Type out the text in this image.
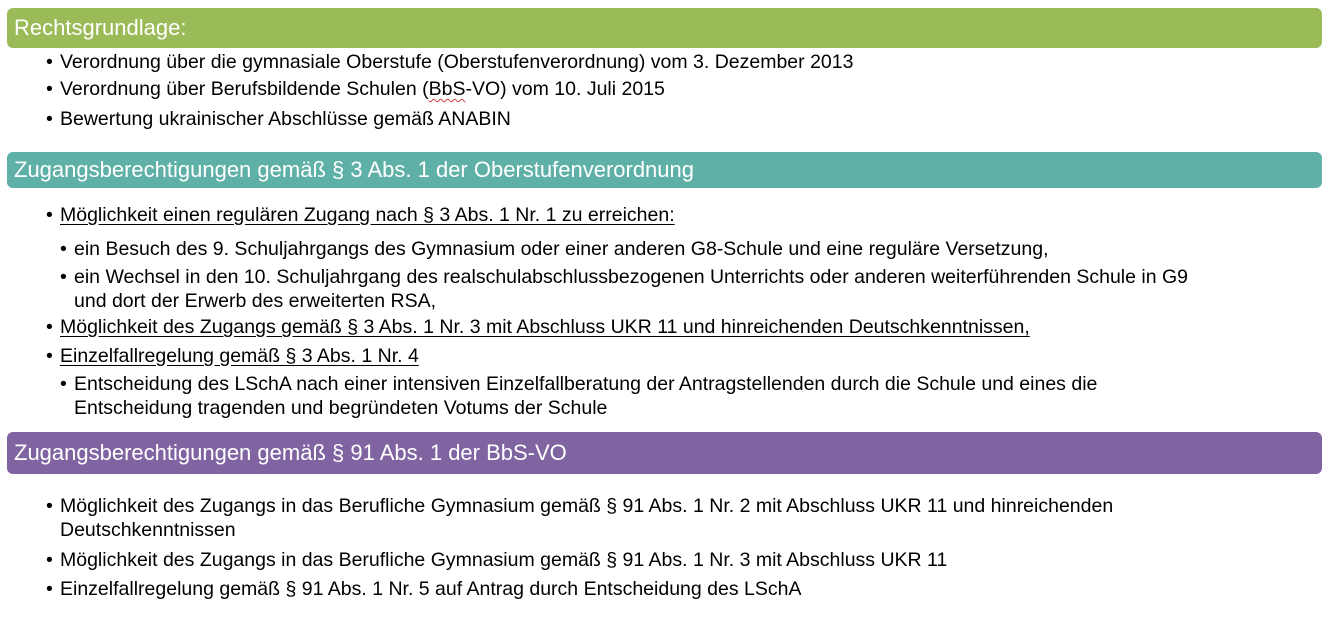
Rechtsgrundlage:
• Verordnung über die gymnasiale Oberstufe (Oberstufenverordnung) vom 3. Dezember 2013
• Verordnung über Berufsbildende Schulen (BbS-VO) vom 10. Juli 2015
• Bewertung ukrainischer Abschlüsse gemäß ANABIN
Zugangsberechtigungen gemäß § 3 Abs. 1 der Oberstufenverordnung
• Möglichkeit einen regulären Zugang nach § 3 Abs. 1 Nr. 1 zu erreichen:
• ein Besuch des 9. Schuljahrgangs des Gymnasium oder einer anderen G8-Schule und eine reguläre Versetzung,
• ein Wechsel in den 10. Schuljahrgang des realschulabschlussbezogenen Unterrichts oder anderen weiterführenden Schule in G9
und dort der Erwerb des erweiterten RSA,
• Möglichkeit des Zugangs gemäß § 3 Abs. 1 Nr. 3 mit Abschluss UKR 11 und hinreichenden Deutschkenntnissen,
• Einzelfallregelung gemäß § 3 Abs. 1 Nr. 4
• Entscheidung des LSchA nach einer intensiven Einzelfallberatung der Antragstellenden durch die Schule und eines die
Entscheidung tragenden und begründeten Votums der Schule
Zugangsberechtigungen gemäß § 91 Abs. 1 der BbS-VO
• Möglichkeit des Zugangs in das Berufliche Gymnasium gemäß § 91 Abs. 1 Nr. 2 mit Abschluss UKR 11 und hinreichenden
Deutschkenntnissen
• Möglichkeit des Zugangs in das Berufliche Gymnasium gemäß § 91 Abs. 1 Nr. 3 mit Abschluss UKR 11
• Einzelfallregelung gemäß § 91 Abs. 1 Nr. 5 auf Antrag durch Entscheidung des LSchA
